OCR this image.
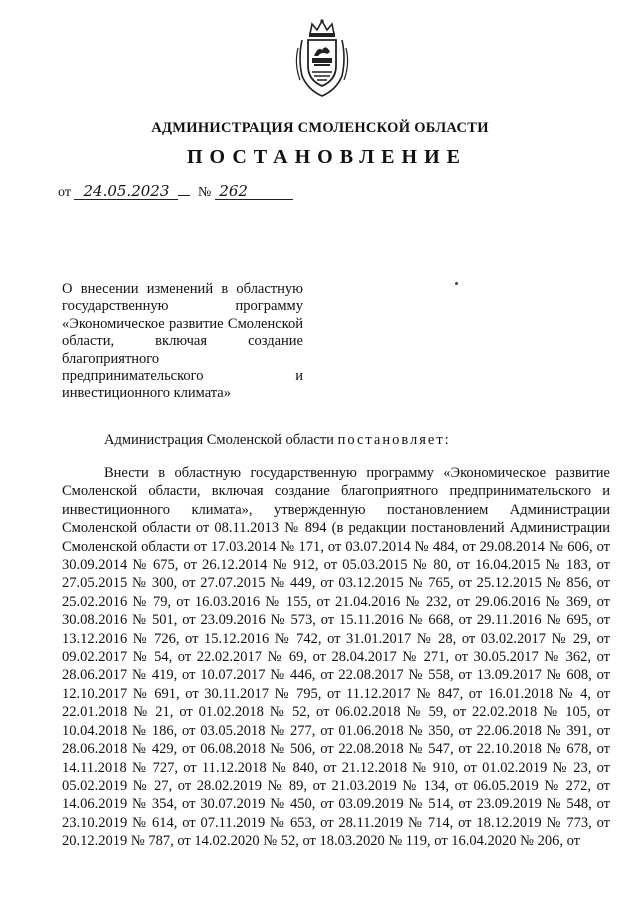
АДМИНИСТРАЦИЯ СМОЛЕНСКОЙ ОБЛАСТИ
ПОСТАНОВЛЕНИЕ
от 24.05.2023 № 262
О внесении изменений в областную государственную программу «Экономическое развитие Смоленской области, включая создание благоприятного предпринимательского и инвестиционного климата»
Администрация Смоленской области постановляет:
Внести в областную государственную программу «Экономическое развитие Смоленской области, включая создание благоприятного предпринимательского и инвестиционного климата», утвержденную постановлением Администрации Смоленской области от 08.11.2013 № 894 (в редакции постановлений Администрации Смоленской области от 17.03.2014 № 171, от 03.07.2014 № 484, от 29.08.2014 № 606, от 30.09.2014 № 675, от 26.12.2014 № 912, от 05.03.2015 № 80, от 16.04.2015 № 183, от 27.05.2015 № 300, от 27.07.2015 № 449, от 03.12.2015 № 765, от 25.12.2015 № 856, от 25.02.2016 № 79, от 16.03.2016 № 155, от 21.04.2016 № 232, от 29.06.2016 № 369, от 30.08.2016 № 501, от 23.09.2016 № 573, от 15.11.2016 № 668, от 29.11.2016 № 695, от 13.12.2016 № 726, от 15.12.2016 № 742, от 31.01.2017 № 28, от 03.02.2017 № 29, от 09.02.2017 № 54, от 22.02.2017 № 69, от 28.04.2017 № 271, от 30.05.2017 № 362, от 28.06.2017 № 419, от 10.07.2017 № 446, от 22.08.2017 № 558, от 13.09.2017 № 608, от 12.10.2017 № 691, от 30.11.2017 № 795, от 11.12.2017 № 847, от 16.01.2018 № 4, от 22.01.2018 № 21, от 01.02.2018 № 52, от 06.02.2018 № 59, от 22.02.2018 № 105, от 10.04.2018 № 186, от 03.05.2018 № 277, от 01.06.2018 № 350, от 22.06.2018 № 391, от 28.06.2018 № 429, от 06.08.2018 № 506, от 22.08.2018 № 547, от 22.10.2018 № 678, от 14.11.2018 № 727, от 11.12.2018 № 840, от 21.12.2018 № 910, от 01.02.2019 № 23, от 05.02.2019 № 27, от 28.02.2019 № 89, от 21.03.2019 № 134, от 06.05.2019 № 272, от 14.06.2019 № 354, от 30.07.2019 № 450, от 03.09.2019 № 514, от 23.09.2019 № 548, от 23.10.2019 № 614, от 07.11.2019 № 653, от 28.11.2019 № 714, от 18.12.2019 № 773, от 20.12.2019 № 787, от 14.02.2020 № 52, от 18.03.2020 № 119, от 16.04.2020 № 206, от
